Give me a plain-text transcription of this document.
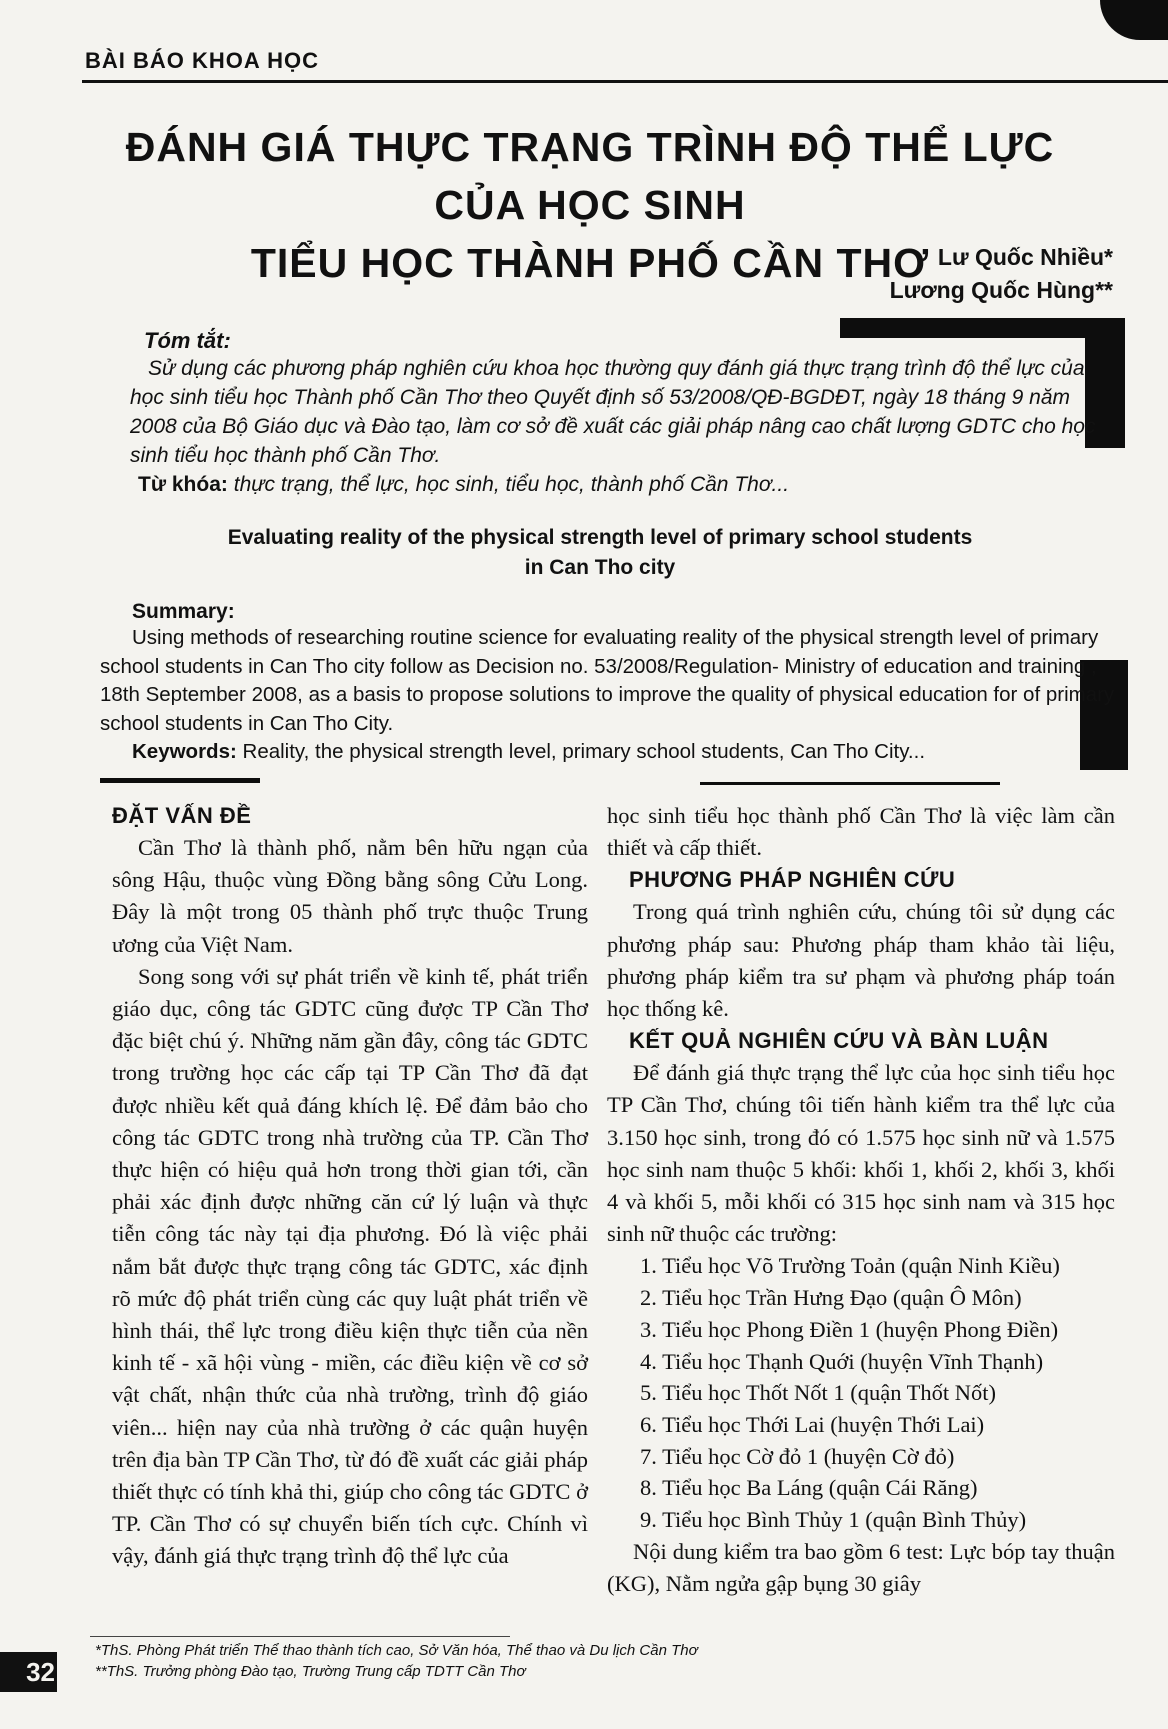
BÀI BÁO KHOA HỌC
ĐÁNH GIÁ THỰC TRẠNG TRÌNH ĐỘ THỂ LỰC CỦA HỌC SINH
TIỂU HỌC THÀNH PHỐ CẦN THƠ Lư Quốc Nhiều*
Lương Quốc Hùng**
Tóm tắt:
Sử dụng các phương pháp nghiên cứu khoa học thường quy đánh giá thực trạng trình độ thể lực của học sinh tiểu học Thành phố Cần Thơ theo Quyết định số 53/2008/QĐ-BGDĐT, ngày 18 tháng 9 năm 2008 của Bộ Giáo dục và Đào tạo, làm cơ sở đề xuất các giải pháp nâng cao chất lượng GDTC cho học sinh tiểu học thành phố Cần Thơ.
Từ khóa: thực trạng, thể lực, học sinh, tiểu học, thành phố Cần Thơ...
Evaluating reality of the physical strength level of primary school students
in Can Tho city
Summary:
Using methods of researching routine science for evaluating reality of the physical strength level of primary school students in Can Tho city follow as Decision no. 53/2008/Regulation- Ministry of education and training , 18th September 2008, as a basis to propose solutions to improve the quality of physical education for of primary school students in Can Tho City.
Keywords: Reality, the physical strength level, primary school students, Can Tho City...
ĐẶT VẤN ĐỀ

Cần Thơ là thành phố, nằm bên hữu ngạn của sông Hậu, thuộc vùng Đồng bằng sông Cửu Long. Đây là một trong 05 thành phố trực thuộc Trung ương của Việt Nam.

Song song với sự phát triển về kinh tế, phát triển giáo dục, công tác GDTC cũng được TP Cần Thơ đặc biệt chú ý. Những năm gần đây, công tác GDTC trong trường học các cấp tại TP Cần Thơ đã đạt được nhiều kết quả đáng khích lệ. Để đảm bảo cho công tác GDTC trong nhà trường của TP. Cần Thơ thực hiện có hiệu quả hơn trong thời gian tới, cần phải xác định được những căn cứ lý luận và thực tiễn công tác này tại địa phương. Đó là việc phải nắm bắt được thực trạng công tác GDTC, xác định rõ mức độ phát triển cùng các quy luật phát triển về hình thái, thể lực trong điều kiện thực tiễn của nền kinh tế - xã hội vùng - miền, các điều kiện về cơ sở vật chất, nhận thức của nhà trường, trình độ giáo viên... hiện nay của nhà trường ở các quận huyện trên địa bàn TP Cần Thơ, từ đó đề xuất các giải pháp thiết thực có tính khả thi, giúp cho công tác GDTC ở TP. Cần Thơ có sự chuyển biến tích cực. Chính vì vậy, đánh giá thực trạng trình độ thể lực của

học sinh tiểu học thành phố Cần Thơ là việc làm cần thiết và cấp thiết.

PHƯƠNG PHÁP NGHIÊN CỨU

Trong quá trình nghiên cứu, chúng tôi sử dụng các phương pháp sau: Phương pháp tham khảo tài liệu, phương pháp kiểm tra sư phạm và phương pháp toán học thống kê.

KẾT QUẢ NGHIÊN CỨU VÀ BÀN LUẬN

Để đánh giá thực trạng thể lực của học sinh tiểu học TP Cần Thơ, chúng tôi tiến hành kiểm tra thể lực của 3.150 học sinh, trong đó có 1.575 học sinh nữ và 1.575 học sinh nam thuộc 5 khối: khối 1, khối 2, khối 3, khối 4 và khối 5, mỗi khối có 315 học sinh nam và 315 học sinh nữ thuộc các trường:

1. Tiểu học Võ Trường Toản (quận Ninh Kiều)
2. Tiểu học Trần Hưng Đạo (quận Ô Môn)
3. Tiểu học Phong Điền 1 (huyện Phong Điền)
4. Tiểu học Thạnh Quới (huyện Vĩnh Thạnh)
5. Tiểu học Thốt Nốt 1 (quận Thốt Nốt)
6. Tiểu học Thới Lai (huyện Thới Lai)
7. Tiểu học Cờ đỏ 1 (huyện Cờ đỏ)
8. Tiểu học Ba Láng (quận Cái Răng)
9. Tiểu học Bình Thủy 1 (quận Bình Thủy)

Nội dung kiểm tra bao gồm 6 test: Lực bóp tay thuận (KG), Nằm ngửa gập bụng 30 giây

*ThS. Phòng Phát triển Thể thao thành tích cao, Sở Văn hóa, Thể thao và Du lịch Cần Thơ
**ThS. Trưởng phòng Đào tạo, Trường Trung cấp TDTT Cần Thơ
32
